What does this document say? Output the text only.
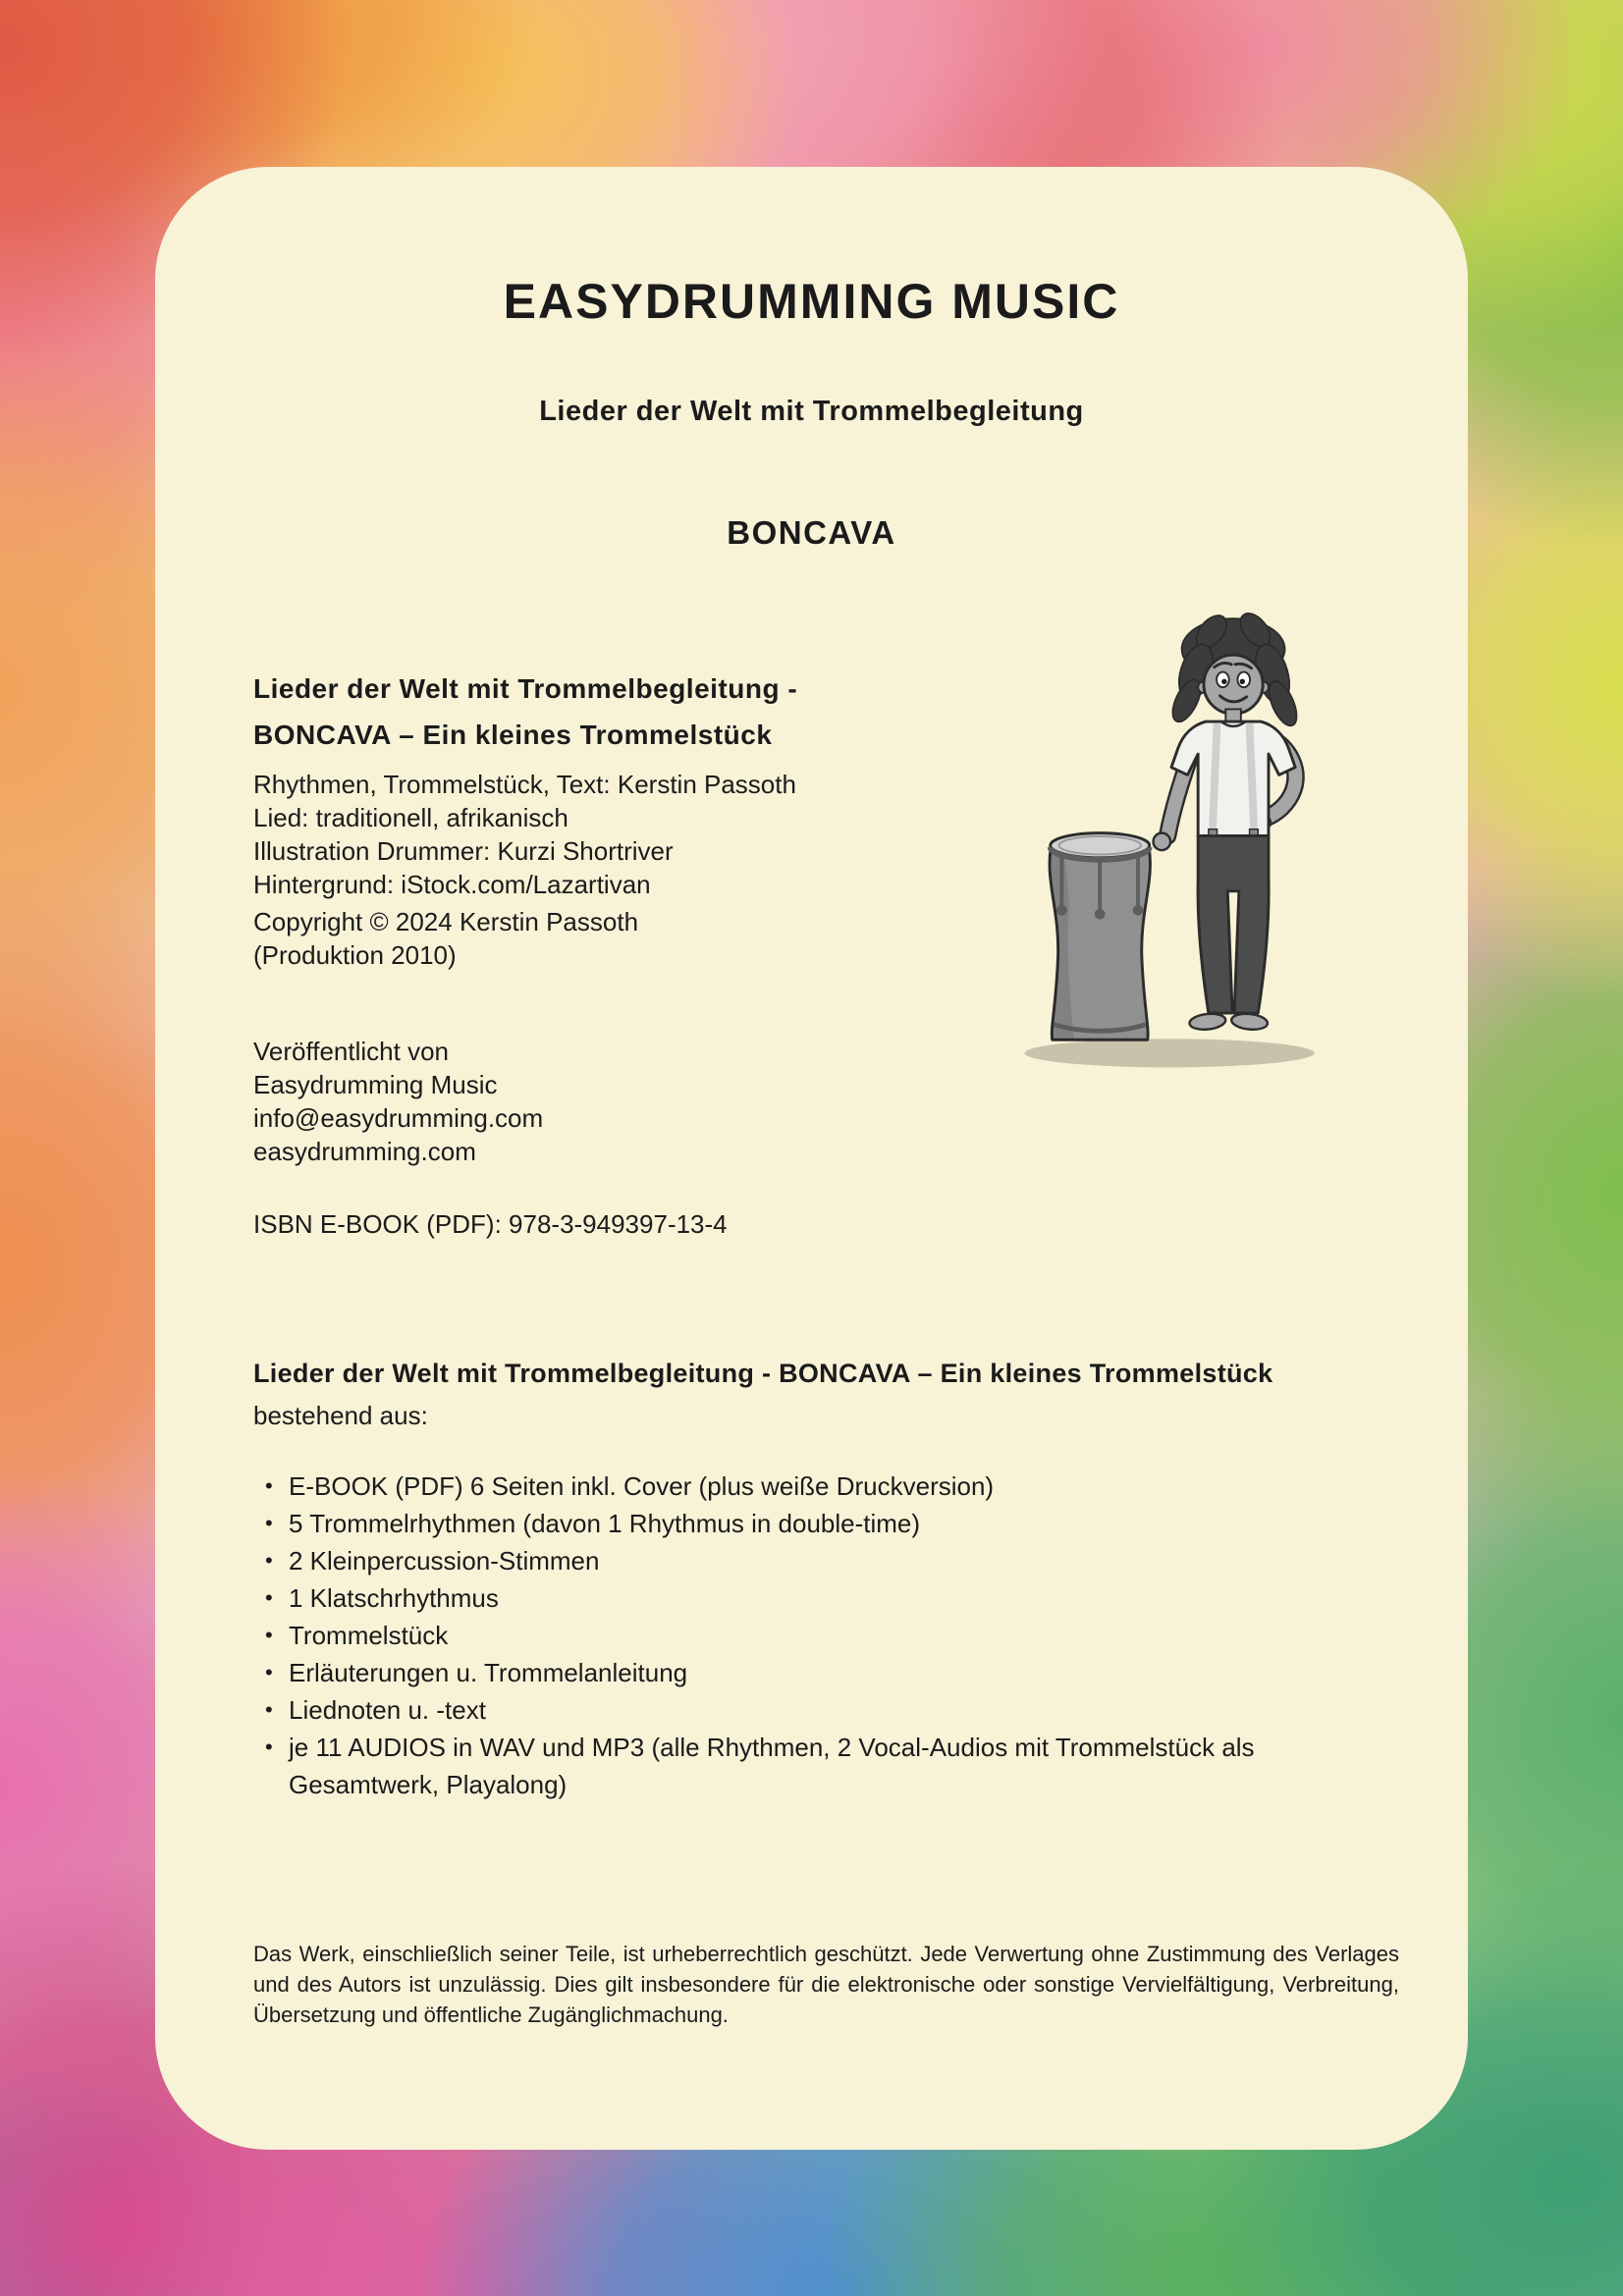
EASYDRUMMING MUSIC
Lieder der Welt mit Trommelbegleitung
BONCAVA
Lieder der Welt mit Trommelbegleitung -
BONCAVA – Ein kleines Trommelstück

Rhythmen, Trommelstück, Text: Kerstin Passoth

Lied: traditionell, afrikanisch

Illustration Drummer: Kurzi Shortriver

Hintergrund: iStock.com/Lazartivan

Copyright © 2024 Kerstin Passoth

(Produktion 2010)

Veröffentlicht von

Easydrumming Music

info@easydrumming.com

easydrumming.com

ISBN E-BOOK (PDF): 978-3-949397-13-4

Lieder der Welt mit Trommelbegleitung - BONCAVA – Ein kleines Trommelstück

bestehend aus:

• E-BOOK (PDF) 6 Seiten inkl. Cover (plus weiße Druckversion)
• 5 Trommelrhythmen (davon 1 Rhythmus in double-time)
• 2 Kleinpercussion-Stimmen
• 1 Klatschrhythmus
• Trommelstück
• Erläuterungen u. Trommelanleitung
• Liednoten u. -text
• je 11 AUDIOS in WAV und MP3 (alle Rhythmen, 2 Vocal-Audios mit Trommelstück als Gesamtwerk, Playalong)

Das Werk, einschließlich seiner Teile, ist urheberrechtlich geschützt. Jede Verwertung ohne Zustimmung des Verlages und des Autors ist unzulässig. Dies gilt insbesondere für die elektronische oder sonstige Vervielfältigung, Verbreitung, Übersetzung und öffentliche Zugänglichmachung.
